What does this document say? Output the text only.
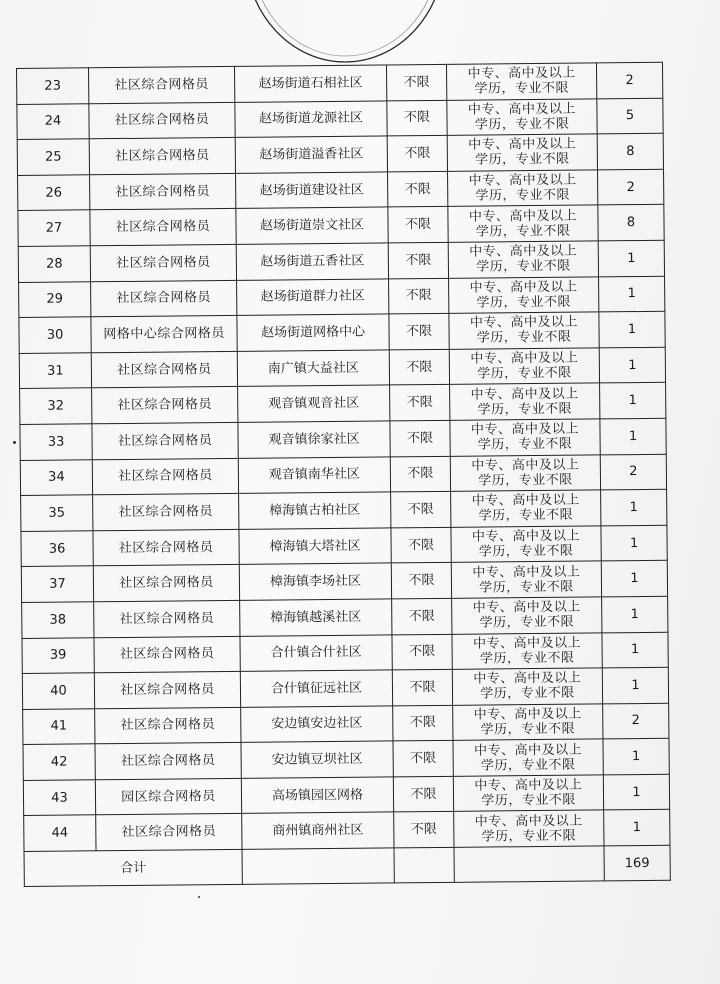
23	社区综合网格员	赵场街道石相社区	不限	中专、高中及以上
学历，专业不限	2
24	社区综合网格员	赵场街道龙源社区	不限	中专、高中及以上
学历，专业不限	5
25	社区综合网格员	赵场街道溢香社区	不限	中专、高中及以上
学历，专业不限	8
26	社区综合网格员	赵场街道建设社区	不限	中专、高中及以上
学历，专业不限	2
27	社区综合网格员	赵场街道崇文社区	不限	中专、高中及以上
学历，专业不限	8
28	社区综合网格员	赵场街道五香社区	不限	中专、高中及以上
学历，专业不限	1
29	社区综合网格员	赵场街道群力社区	不限	中专、高中及以上
学历，专业不限	1
30	网格中心综合网格员	赵场街道网格中心	不限	中专、高中及以上
学历，专业不限	1
31	社区综合网格员	南广镇大益社区	不限	中专、高中及以上
学历，专业不限	1
32	社区综合网格员	观音镇观音社区	不限	中专、高中及以上
学历，专业不限	1
33	社区综合网格员	观音镇徐家社区	不限	中专、高中及以上
学历，专业不限	1
34	社区综合网格员	观音镇南华社区	不限	中专、高中及以上
学历，专业不限	2
35	社区综合网格员	樟海镇古柏社区	不限	中专、高中及以上
学历，专业不限	1
36	社区综合网格员	樟海镇大塔社区	不限	中专、高中及以上
学历，专业不限	1
37	社区综合网格员	樟海镇李场社区	不限	中专、高中及以上
学历，专业不限	1
38	社区综合网格员	樟海镇越溪社区	不限	中专、高中及以上
学历，专业不限	1
39	社区综合网格员	合什镇合什社区	不限	中专、高中及以上
学历，专业不限	1
40	社区综合网格员	合什镇征远社区	不限	中专、高中及以上
学历，专业不限	1
41	社区综合网格员	安边镇安边社区	不限	中专、高中及以上
学历，专业不限	2
42	社区综合网格员	安边镇豆坝社区	不限	中专、高中及以上
学历，专业不限	1
43	园区综合网格员	高场镇园区网格	不限	中专、高中及以上
学历，专业不限	1
44	社区综合网格员	商州镇商州社区	不限	中专、高中及以上
学历，专业不限	1
合计					169
